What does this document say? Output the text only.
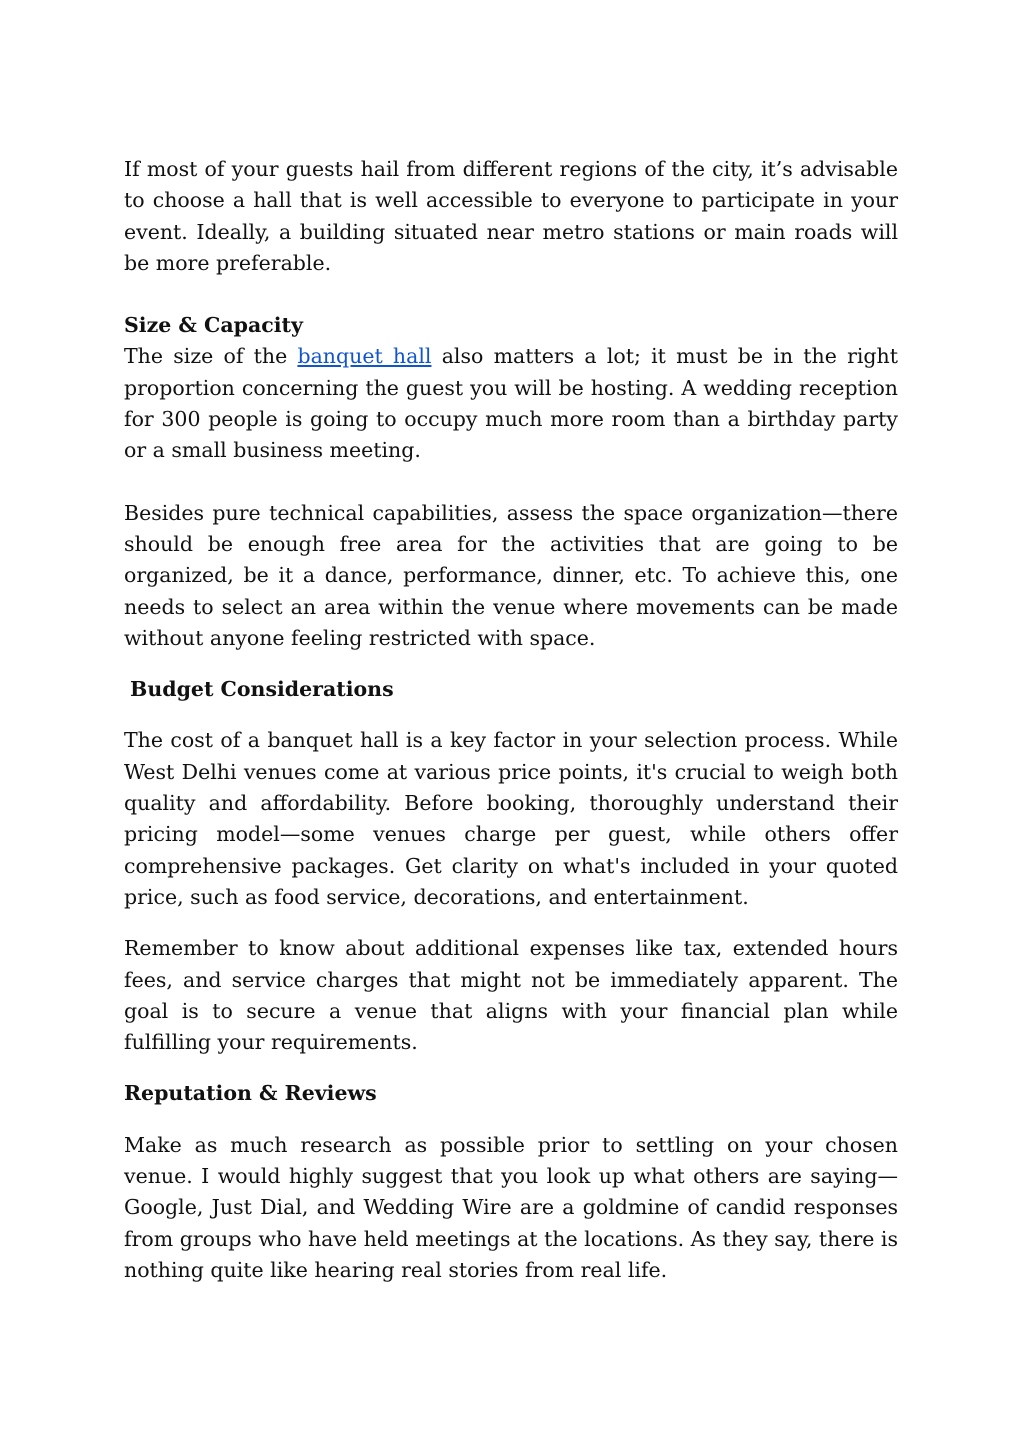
If most of your guests hail from different regions of the city, it’s advisable to choose a hall that is well accessible to everyone to participate in your event. Ideally, a building situated near metro stations or main roads will be more preferable.

Size & Capacity

The size of the banquet hall also matters a lot; it must be in the right proportion concerning the guest you will be hosting. A wedding reception for 300 people is going to occupy much more room than a birthday party or a small business meeting.

Besides pure technical capabilities, assess the space organization—there should be enough free area for the activities that are going to be organized, be it a dance, performance, dinner, etc. To achieve this, one needs to select an area within the venue where movements can be made without anyone feeling restricted with space.

Budget Considerations

The cost of a banquet hall is a key factor in your selection process. While West Delhi venues come at various price points, it's crucial to weigh both quality and affordability. Before booking, thoroughly understand their pricing model—some venues charge per guest, while others offer comprehensive packages. Get clarity on what's included in your quoted price, such as food service, decorations, and entertainment.

Remember to know about additional expenses like tax, extended hours fees, and service charges that might not be immediately apparent. The goal is to secure a venue that aligns with your financial plan while fulfilling your requirements.

Reputation & Reviews

Make as much research as possible prior to settling on your chosen venue. I would highly suggest that you look up what others are saying—Google, Just Dial, and Wedding Wire are a goldmine of candid responses from groups who have held meetings at the locations. As they say, there is nothing quite like hearing real stories from real life.
